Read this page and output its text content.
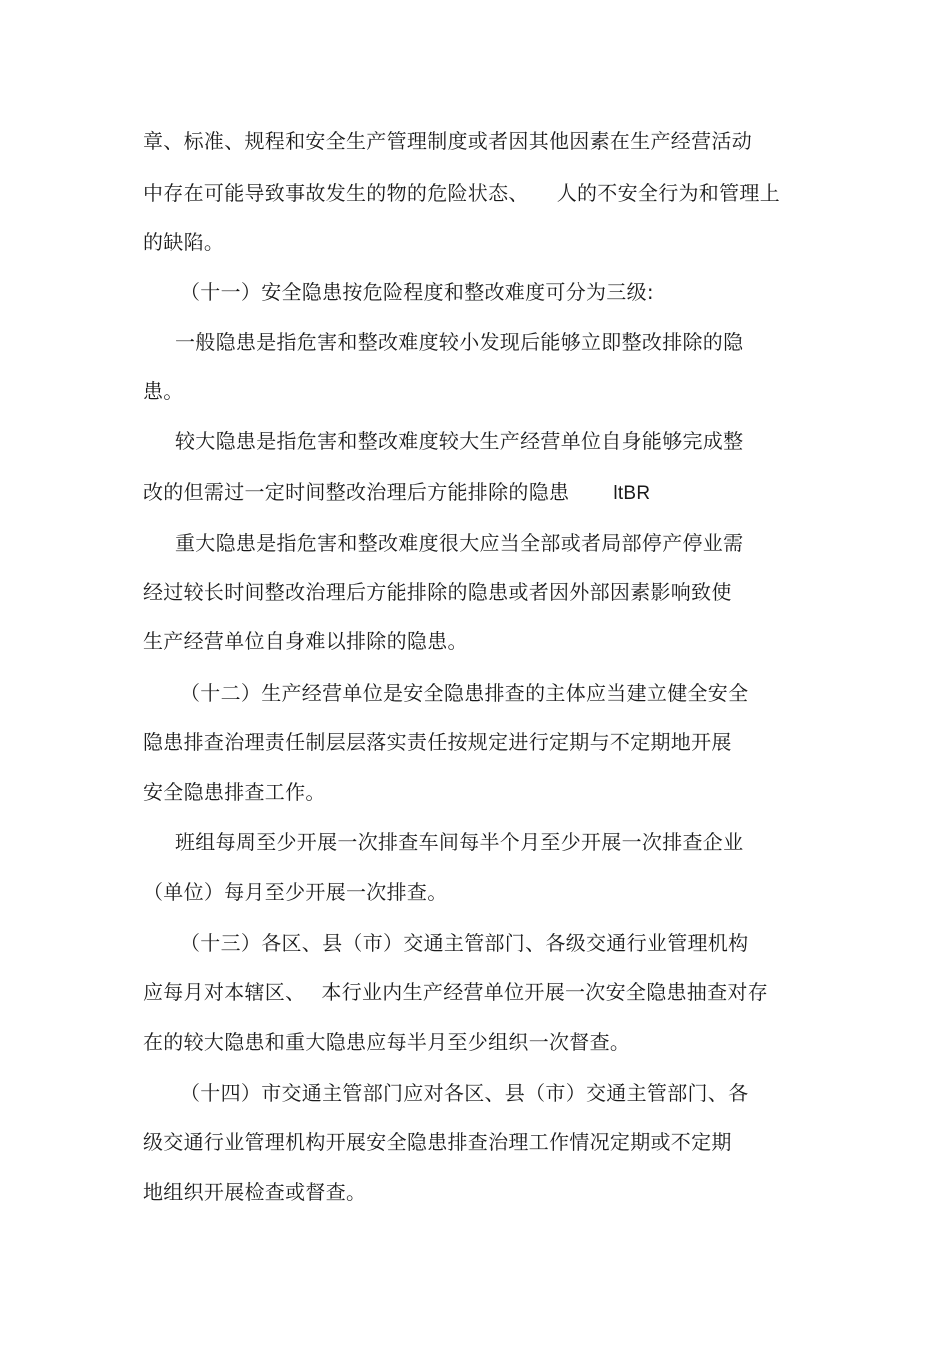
章、标准、规程和安全生产管理制度或者因其他因素在生产经营活动
中存在可能导致事故发生的物的危险状态、 人的不安全行为和管理上
的缺陷。
（十一）安全隐患按危险程度和整改难度可分为三级:
一般隐患是指危害和整改难度较小发现后能够立即整改排除的隐
患。
较大隐患是指危害和整改难度较大生产经营单位自身能够完成整
改的但需过一定时间整改治理后方能排除的隐患 ltBR
重大隐患是指危害和整改难度很大应当全部或者局部停产停业需
经过较长时间整改治理后方能排除的隐患或者因外部因素影响致使
生产经营单位自身难以排除的隐患。
（十二）生产经营单位是安全隐患排查的主体应当建立健全安全
隐患排查治理责任制层层落实责任按规定进行定期与不定期地开展
安全隐患排查工作。
班组每周至少开展一次排查车间每半个月至少开展一次排查企业
（单位）每月至少开展一次排查。
（十三）各区、县（市）交通主管部门、各级交通行业管理机构
应每月对本辖区、 本行业内生产经营单位开展一次安全隐患抽查对存
在的较大隐患和重大隐患应每半月至少组织一次督查。
（十四）市交通主管部门应对各区、县（市）交通主管部门、各
级交通行业管理机构开展安全隐患排查治理工作情况定期或不定期
地组织开展检查或督查。
